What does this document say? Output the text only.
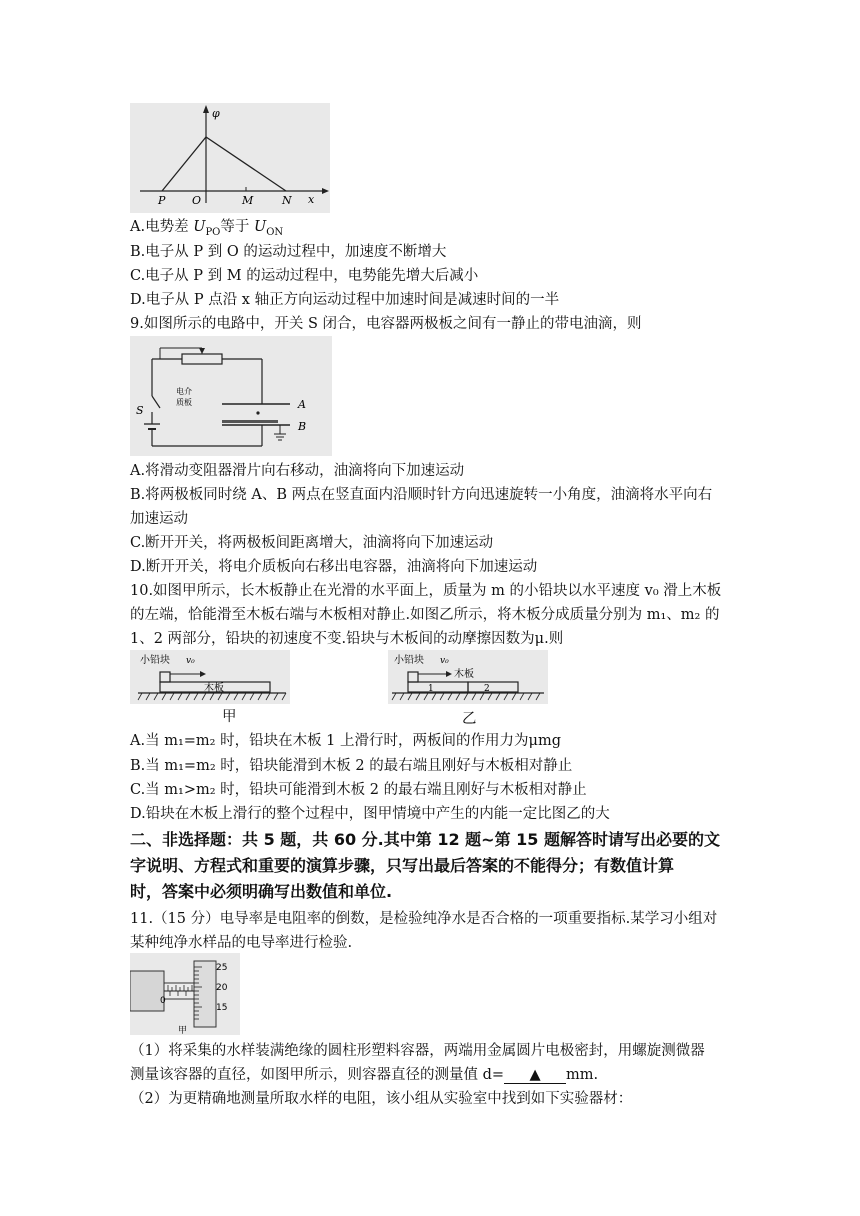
φ
x
P O	M	N
A.电势差 $U_{PO}$等于 $U_{ON}$
B.电子从 P 到 O 的运动过程中，加速度不断增大
C.电子从 P 到 M 的运动过程中，电势能先增大后减小
D.电子从 P 点沿 x 轴正方向运动过程中加速时间是减速时间的一半
9.如图所示的电路中，开关 S 闭合，电容器两极板之间有一静止的带电油滴，则
S
电介
质板	A
B
A.将滑动变阻器滑片向右移动，油滴将向下加速运动
B.将两极板同时绕 A、B 两点在竖直面内沿顺时针方向迅速旋转一小角度，油滴将水平向右
加速运动
C.断开开关，将两极板间距离增大，油滴将向下加速运动
D.断开开关，将电介质板向右移出电容器，油滴将向下加速运动
10.如图甲所示，长木板静止在光滑的水平面上，质量为 m 的小铅块以水平速度 v₀ 滑上木板
的左端，恰能滑至木板右端与木板相对静止.如图乙所示，将木板分成质量分别为 m₁、m₂ 的
1、2 两部分，铅块的初速度不变.铅块与木板间的动摩擦因数为μ.则
小铅块 v₀
木板
甲
小铅块 v₀
木板
1	2
乙
A.当 m₁=m₂ 时，铅块在木板 1 上滑行时，两板间的作用力为μmg
B.当 m₁=m₂ 时，铅块能滑到木板 2 的最右端且刚好与木板相对静止
C.当 m₁>m₂ 时，铅块可能滑到木板 2 的最右端且刚好与木板相对静止
D.铅块在木板上滑行的整个过程中，图甲情境中产生的内能一定比图乙的大
二、非选择题：共 5 题，共 60 分.其中第 12 题~第 15 题解答时请写出必要的文
字说明、方程式和重要的演算步骤，只写出最后答案的不能得分；有数值计算
时，答案中必须明确写出数值和单位.
11.（15 分）电导率是电阻率的倒数，是检验纯净水是否合格的一项重要指标.某学习小组对
某种纯净水样品的电导率进行检验.
25
20
15
0
甲
（1）将采集的水样装满绝缘的圆柱形塑料容器，两端用金属圆片电极密封，用螺旋测微器
测量该容器的直径，如图甲所示，则容器直径的测量值 d= ▲ mm.
（2）为更精确地测量所取水样的电阻，该小组从实验室中找到如下实验器材：
